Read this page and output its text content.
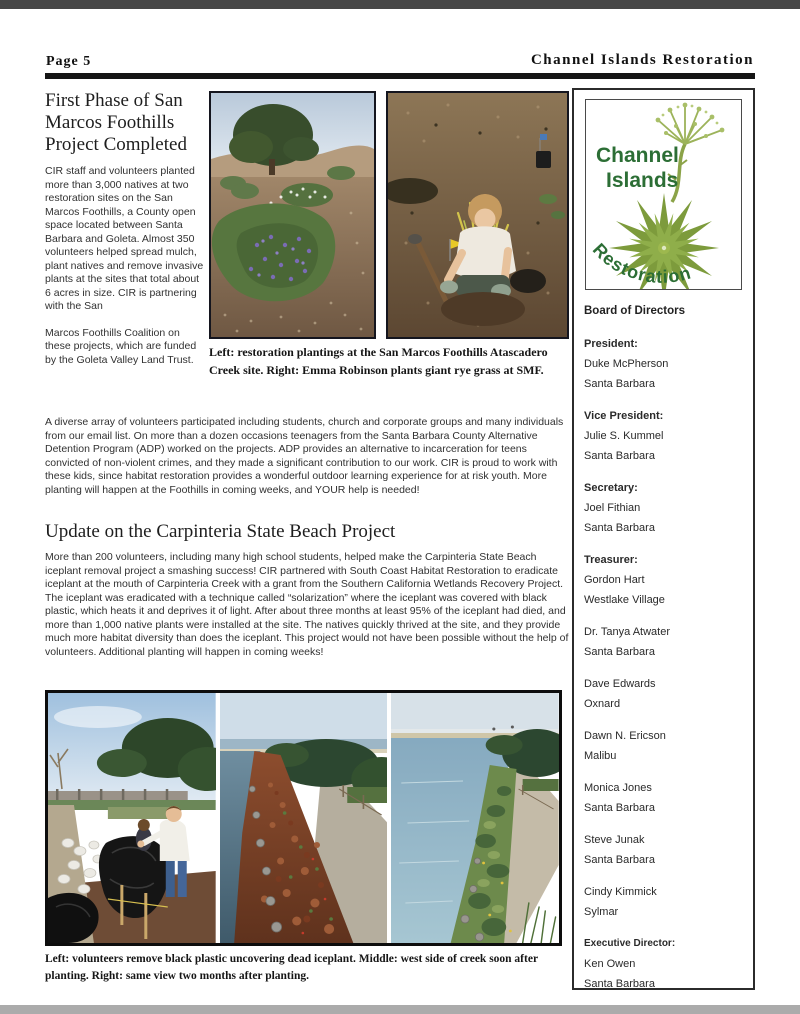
Page 5	Channel Islands Restoration
First Phase of San Marcos Foothills Project Completed

CIR staff and volunteers planted more than 3,000 natives at two restoration sites on the San Marcos Foothills, a County open space located between Santa Barbara and Goleta. Almost 350 volunteers helped spread mulch, plant natives and remove invasive plants at the sites that total about 6 acres in size. CIR is partnering with the San

Marcos Foothills Coalition on these projects, which are funded by the Goleta Valley Land Trust.

Left: restoration plantings at the San Marcos Foothills Atascadero Creek site. Right: Emma Robinson plants giant rye grass at SMF.

A diverse array of volunteers participated including students, church and corporate groups and many individuals from our email list. On more than a dozen occasions teenagers from the Santa Barbara County Alternative Detention Program (ADP) worked on the projects. ADP provides an alternative to incarceration for teens convicted of non-violent crimes, and they made a significant contribution to our work. CIR is proud to work with these kids, since habitat restoration provides a wonderful outdoor learning experience for at risk youth. More planting will happen at the Foothills in coming weeks, and YOUR help is needed!

Update on the Carpinteria State Beach Project

More than 200 volunteers, including many high school students, helped make the Carpinteria State Beach iceplant removal project a smashing success! CIR partnered with South Coast Habitat Restoration to eradicate iceplant at the mouth of Carpinteria Creek with a grant from the Southern California Wetlands Recovery Project. The iceplant was eradicated with a technique called “solarization” where the iceplant was covered with black plastic, which heats it and deprives it of light. After about three months at least 95% of the iceplant had died, and more than 1,000 native plants were installed at the site. The natives quickly thrived at the site, and they provide much more habitat diversity than does the iceplant. This project would not have been possible without the help of volunteers. Additional planting will happen in coming weeks!

Left: volunteers remove black plastic uncovering dead iceplant. Middle: west side of creek soon after planting. Right: same view two months after planting.
Channel
Islands
Restoration
Board of Directors
President:
Duke McPherson
Santa Barbara
Vice President:
Julie S. Kummel
Santa Barbara
Secretary:
Joel Fithian
Santa Barbara
Treasurer:
Gordon Hart
Westlake Village
Dr. Tanya Atwater
Santa Barbara
Dave Edwards
Oxnard
Dawn N. Ericson
Malibu
Monica Jones
Santa Barbara
Steve Junak
Santa Barbara
Cindy Kimmick
Sylmar
Executive Director:
Ken Owen
Santa Barbara
